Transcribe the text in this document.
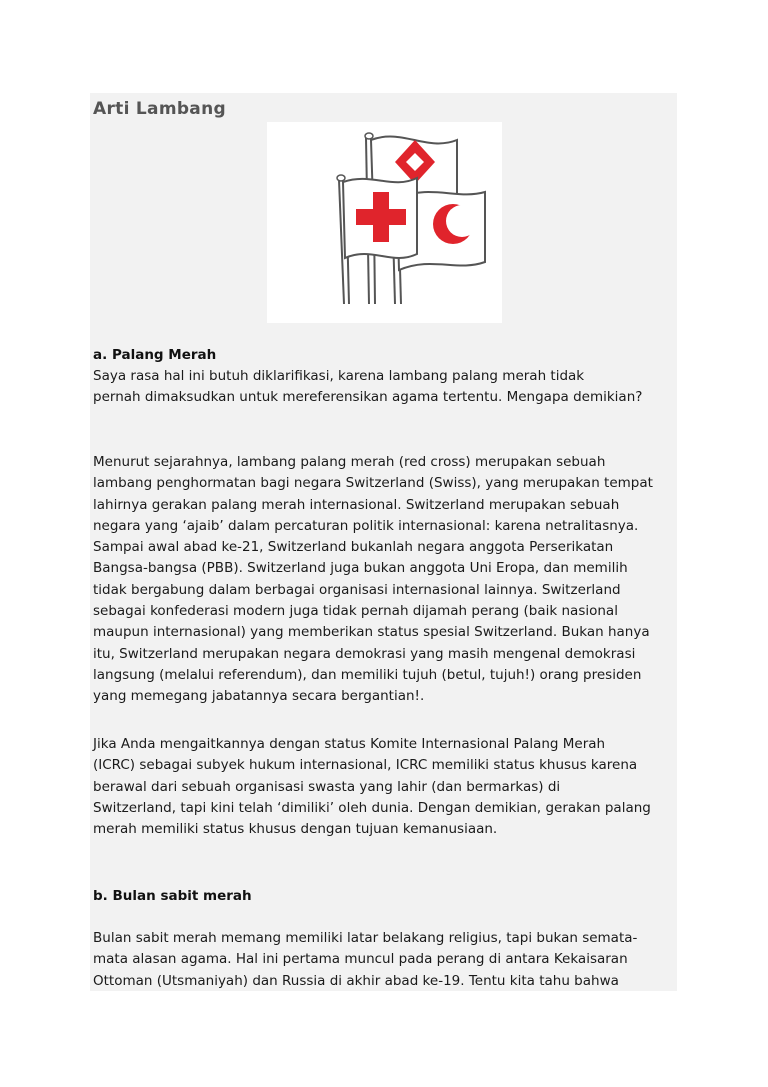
Arti Lambang
a. Palang Merah

Saya rasa hal ini butuh diklarifikasi, karena lambang palang merah tidak
pernah dimaksudkan untuk mereferensikan agama tertentu. Mengapa demikian?

Menurut sejarahnya, lambang palang merah (red cross) merupakan sebuah
lambang penghormatan bagi negara Switzerland (Swiss), yang merupakan tempat
lahirnya gerakan palang merah internasional. Switzerland merupakan sebuah
negara yang ‘ajaib’ dalam percaturan politik internasional: karena netralitasnya.
Sampai awal abad ke-21, Switzerland bukanlah negara anggota Perserikatan
Bangsa-bangsa (PBB). Switzerland juga bukan anggota Uni Eropa, dan memilih
tidak bergabung dalam berbagai organisasi internasional lainnya. Switzerland
sebagai konfederasi modern juga tidak pernah dijamah perang (baik nasional
maupun internasional) yang memberikan status spesial Switzerland. Bukan hanya
itu, Switzerland merupakan negara demokrasi yang masih mengenal demokrasi
langsung (melalui referendum), dan memiliki tujuh (betul, tujuh!) orang presiden
yang memegang jabatannya secara bergantian!.

Jika Anda mengaitkannya dengan status Komite Internasional Palang Merah
(ICRC) sebagai subyek hukum internasional, ICRC memiliki status khusus karena
berawal dari sebuah organisasi swasta yang lahir (dan bermarkas) di
Switzerland, tapi kini telah ‘dimiliki’ oleh dunia. Dengan demikian, gerakan palang
merah memiliki status khusus dengan tujuan kemanusiaan.

b. Bulan sabit merah

Bulan sabit merah memang memiliki latar belakang religius, tapi bukan semata-
mata alasan agama. Hal ini pertama muncul pada perang di antara Kekaisaran
Ottoman (Utsmaniyah) dan Russia di akhir abad ke-19. Tentu kita tahu bahwa
